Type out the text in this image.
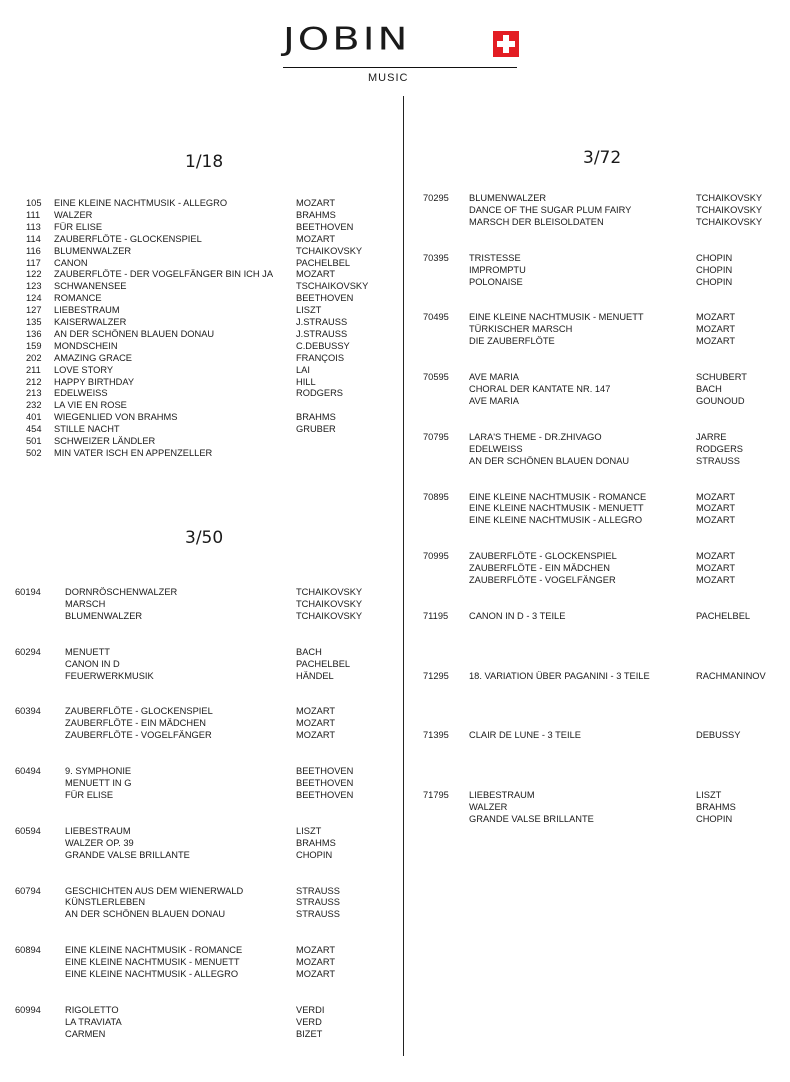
JOBIN
MUSIC
1/18
3/50
3/72
105 EINE KLEINE NACHTMUSIK - ALLEGRO	MOZART
111 WALZER	BRAHMS
113 FÜR ELISE	BEETHOVEN
114 ZAUBERFLÖTE - GLOCKENSPIEL	MOZART
116 BLUMENWALZER	TCHAIKOVSKY
117 CANON	PACHELBEL
122 ZAUBERFLÖTE - DER VOGELFÄNGER BIN ICH JA MOZART
123 SCHWANENSEE	TSCHAIKOVSKY
124 ROMANCE	BEETHOVEN
127 LIEBESTRAUM	LISZT
135 KAISERWALZER	J.STRAUSS
136 AN DER SCHÖNEN BLAUEN DONAU	J.STRAUSS
159 MONDSCHEIN	C.DEBUSSY
202 AMAZING GRACE	FRANÇOIS
211 LOVE STORY	LAI
212 HAPPY BIRTHDAY	HILL
213 EDELWEISS	RODGERS
232 LA VIE EN ROSE
401 WIEGENLIED VON BRAHMS	BRAHMS
454 STILLE NACHT	GRUBER
501 SCHWEIZER LÄNDLER
502 MIN VATER ISCH EN APPENZELLER
60194	DORNRÖSCHENWALZER	TCHAIKOVSKY
MARSCH	TCHAIKOVSKY
BLUMENWALZER	TCHAIKOVSKY
60294	MENUETT	BACH
CANON IN D	PACHELBEL
FEUERWERKMUSIK	HÄNDEL
60394	ZAUBERFLÖTE - GLOCKENSPIEL	MOZART
ZAUBERFLÖTE - EIN MÄDCHEN	MOZART
ZAUBERFLÖTE - VOGELFÄNGER	MOZART
60494	9. SYMPHONIE	BEETHOVEN
MENUETT IN G	BEETHOVEN
FÜR ELISE	BEETHOVEN
60594	LIEBESTRAUM	LISZT
WALZER OP. 39	BRAHMS
GRANDE VALSE BRILLANTE	CHOPIN
60794	GESCHICHTEN AUS DEM WIENERWALD	STRAUSS
KÜNSTLERLEBEN	STRAUSS
AN DER SCHÖNEN BLAUEN DONAU	STRAUSS
60894	EINE KLEINE NACHTMUSIK - ROMANCE	MOZART
EINE KLEINE NACHTMUSIK - MENUETT	MOZART
EINE KLEINE NACHTMUSIK - ALLEGRO	MOZART
60994	RIGOLETTO	VERDI
LA TRAVIATA	VERD
CARMEN	BIZET
70295 BLUMENWALZER	TCHAIKOVSKY
DANCE OF THE SUGAR PLUM FAIRY	TCHAIKOVSKY
MARSCH DER BLEISOLDATEN	TCHAIKOVSKY
70395 TRISTESSE	CHOPIN
IMPROMPTU	CHOPIN
POLONAISE	CHOPIN
70495 EINE KLEINE NACHTMUSIK - MENUETT	MOZART
TÜRKISCHER MARSCH	MOZART
DIE ZAUBERFLÖTE	MOZART
70595 AVE MARIA	SCHUBERT
CHORAL DER KANTATE NR. 147	BACH
AVE MARIA	GOUNOUD
70795 LARA'S THEME - DR.ZHIVAGO	JARRE
EDELWEISS	RODGERS
AN DER SCHÖNEN BLAUEN DONAU	STRAUSS
70895 EINE KLEINE NACHTMUSIK - ROMANCE	MOZART
EINE KLEINE NACHTMUSIK - MENUETT	MOZART
EINE KLEINE NACHTMUSIK - ALLEGRO	MOZART
70995 ZAUBERFLÖTE - GLOCKENSPIEL	MOZART
ZAUBERFLÖTE - EIN MÄDCHEN	MOZART
ZAUBERFLÖTE - VOGELFÄNGER	MOZART
71195 CANON IN D - 3 TEILE	PACHELBEL
71295 18. VARIATION ÜBER PAGANINI - 3 TEILE	RACHMANINOV
71395 CLAIR DE LUNE - 3 TEILE	DEBUSSY
71795 LIEBESTRAUM	LISZT
WALZER	BRAHMS
GRANDE VALSE BRILLANTE	CHOPIN
